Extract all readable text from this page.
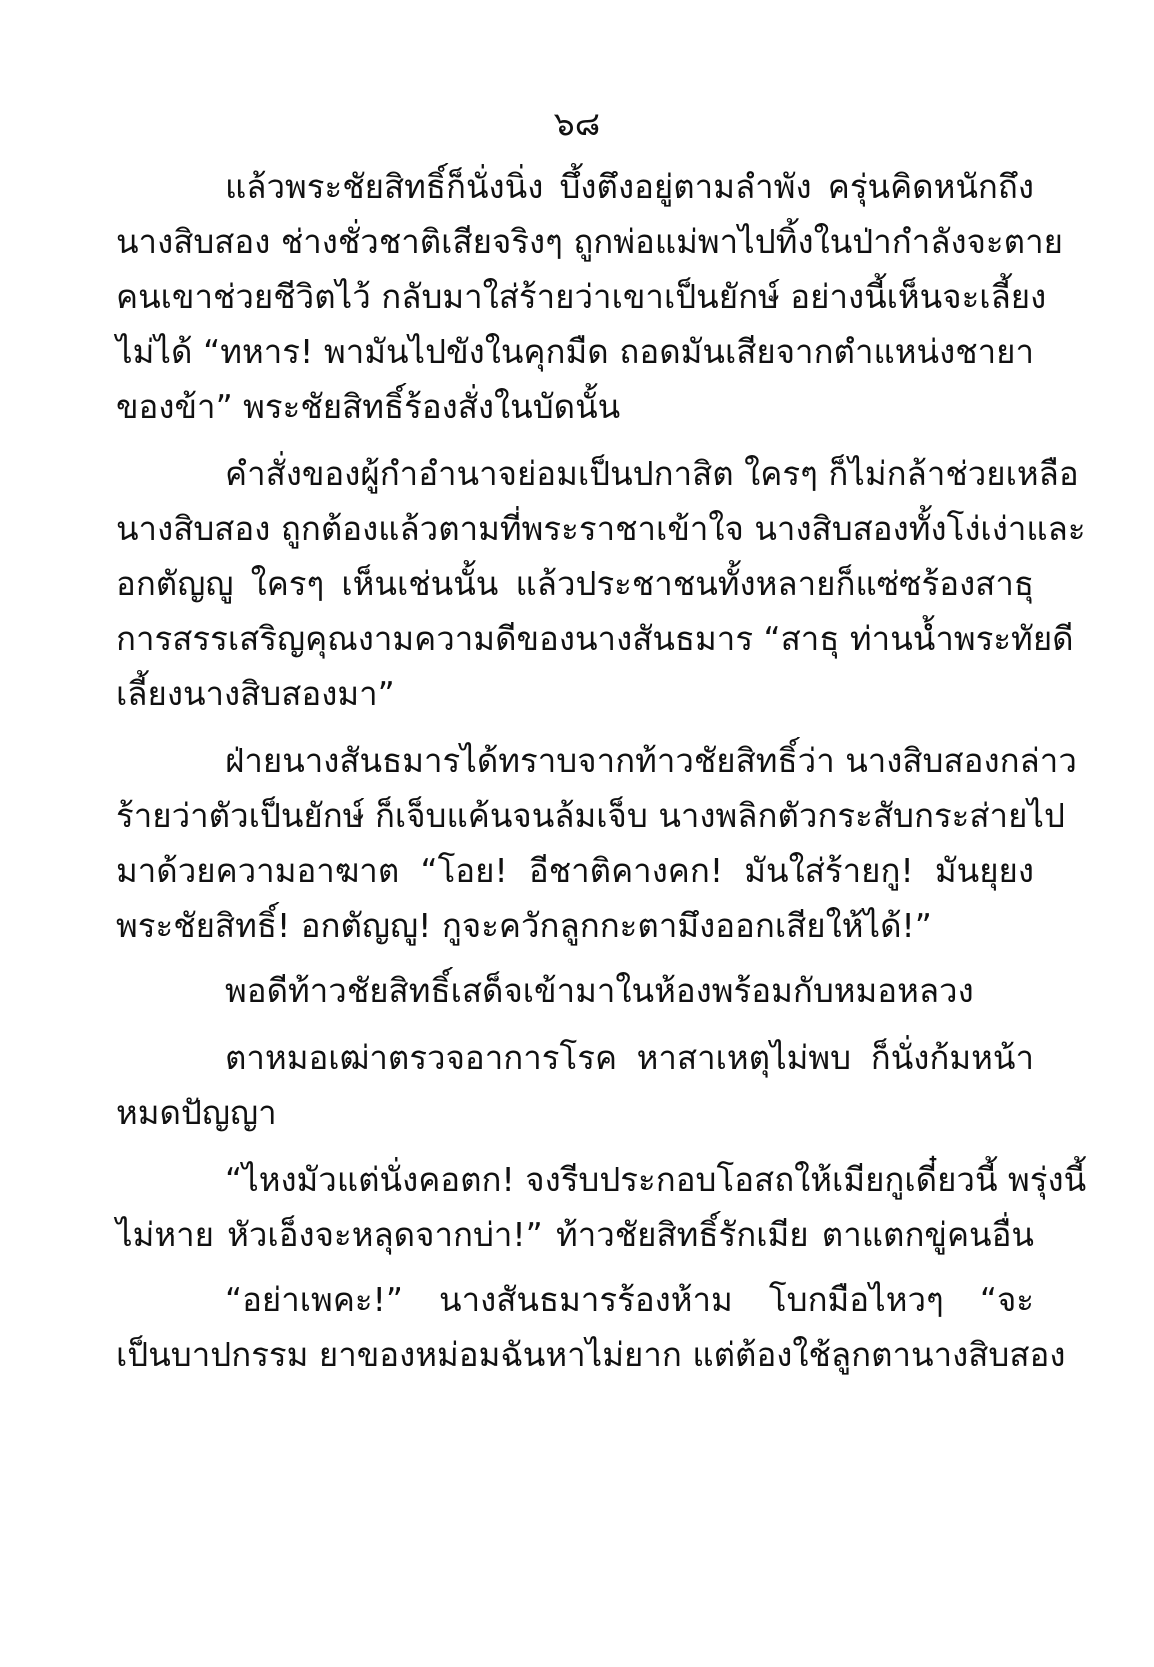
๖๘
แล้วพระชัยสิทธิ์ก็นั่งนิ่ง บึ้งตึงอยู่ตามลำพัง ครุ่นคิดหนักถึง
นางสิบสอง ช่างชั่วชาติเสียจริงๆ ถูกพ่อแม่พาไปทิ้งในป่ากำลังจะตาย
คนเขาช่วยชีวิตไว้ กลับมาใส่ร้ายว่าเขาเป็นยักษ์ อย่างนี้เห็นจะเลี้ยง
ไม่ได้ “ทหาร! พามันไปขังในคุกมืด ถอดมันเสียจากตำแหน่งชายา
ของข้า” พระชัยสิทธิ์ร้องสั่งในบัดนั้น
คำสั่งของผู้กำอำนาจย่อมเป็นปกาสิต ใครๆ ก็ไม่กล้าช่วยเหลือ
นางสิบสอง ถูกต้องแล้วตามที่พระราชาเข้าใจ นางสิบสองทั้งโง่เง่าและ
อกตัญญู ใครๆ เห็นเช่นนั้น แล้วประชาชนทั้งหลายก็แซ่ซร้องสาธุ
การสรรเสริญคุณงามความดีของนางสันธมาร “สาธุ ท่านน้ำพระทัยดี
เลี้ยงนางสิบสองมา”
ฝ่ายนางสันธมารได้ทราบจากท้าวชัยสิทธิ์ว่า นางสิบสองกล่าว
ร้ายว่าตัวเป็นยักษ์ ก็เจ็บแค้นจนล้มเจ็บ นางพลิกตัวกระสับกระส่ายไป
มาด้วยความอาฆาต “โอย! อีชาติคางคก! มันใส่ร้ายกู! มันยุยง
พระชัยสิทธิ์! อกตัญญู! กูจะควักลูกกะตามึงออกเสียให้ได้!”
พอดีท้าวชัยสิทธิ์เสด็จเข้ามาในห้องพร้อมกับหมอหลวง
ตาหมอเฒ่าตรวจอาการโรค หาสาเหตุไม่พบ ก็นั่งก้มหน้า
หมดปัญญา
“ไหงมัวแต่นั่งคอตก! จงรีบประกอบโอสถให้เมียกูเดี๋ยวนี้ พรุ่งนี้
ไม่หาย หัวเอ็งจะหลุดจากบ่า!” ท้าวชัยสิทธิ์รักเมีย ตาแตกขู่คนอื่น
“อย่าเพคะ!” นางสันธมารร้องห้าม โบกมือไหวๆ “จะ
เป็นบาปกรรม ยาของหม่อมฉันหาไม่ยาก แต่ต้องใช้ลูกตานางสิบสอง
